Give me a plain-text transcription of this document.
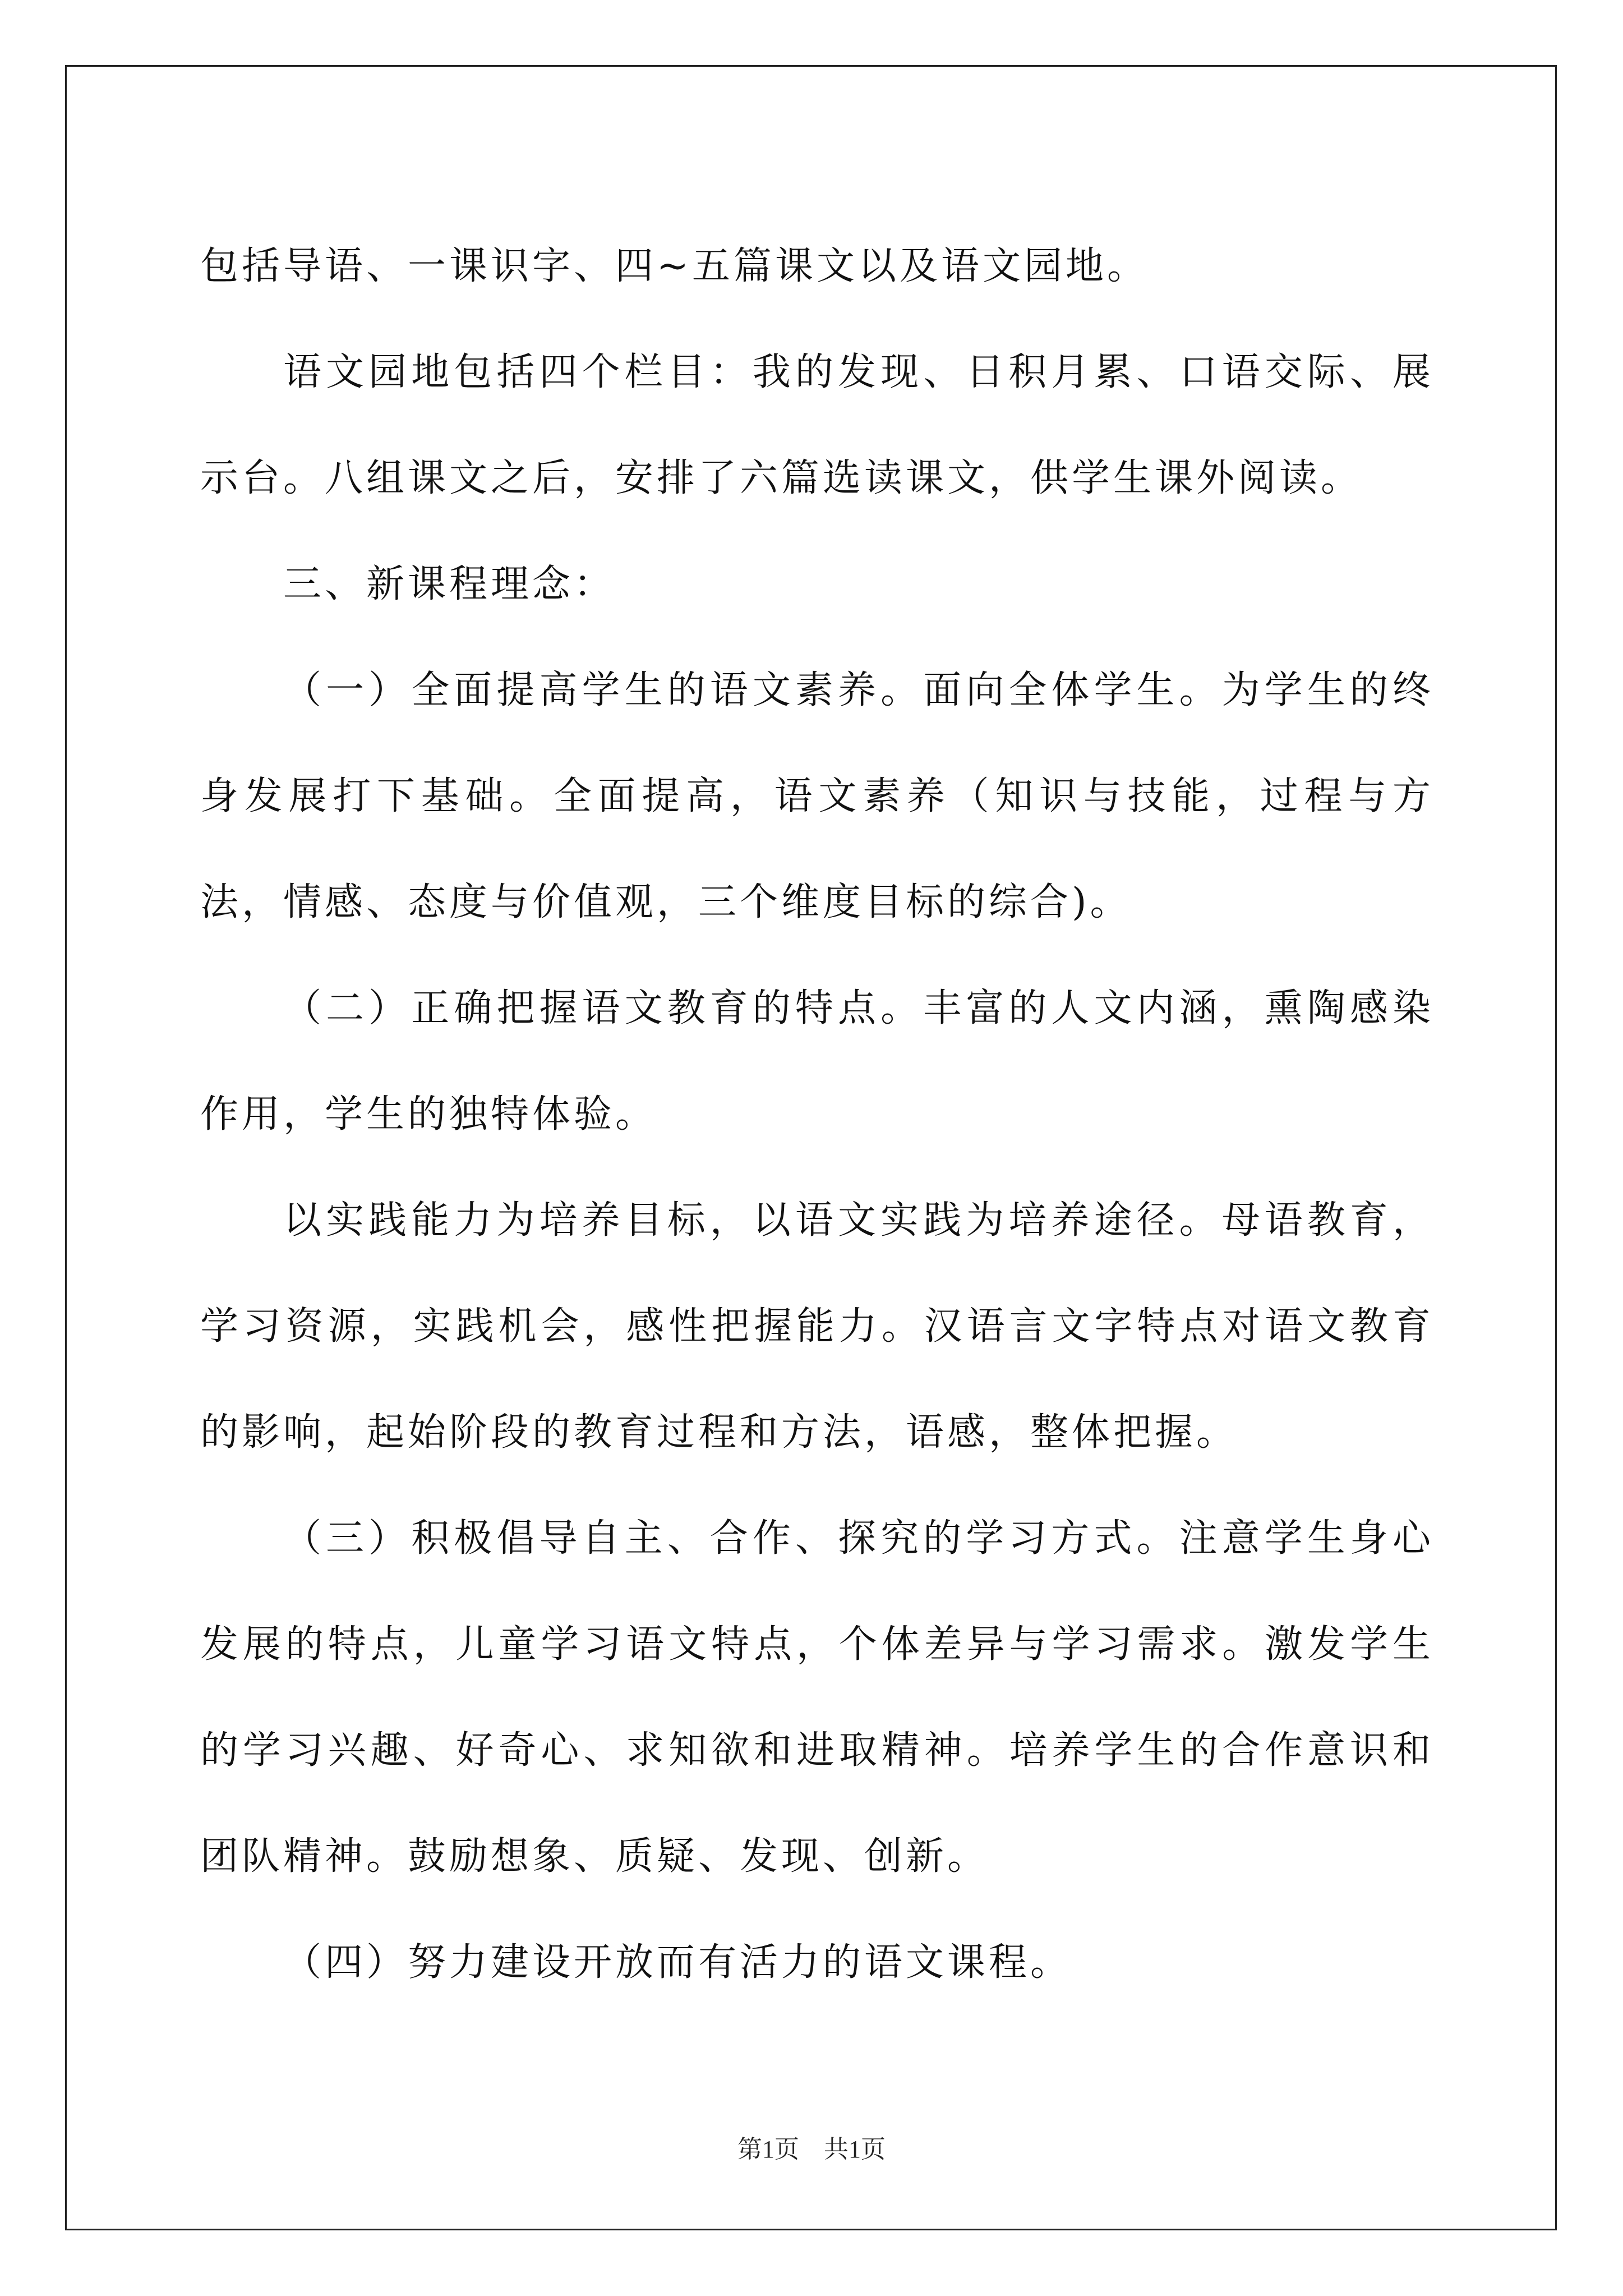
包括导语、一课识字、四~五篇课文以及语文园地。

语文园地包括四个栏目：我的发现、日积月累、口语交际、展示台。八组课文之后，安排了六篇选读课文，供学生课外阅读。

三、新课程理念：

（一）全面提高学生的语文素养。面向全体学生。为学生的终身发展打下基础。全面提高，语文素养（知识与技能，过程与方法，情感、态度与价值观，三个维度目标的综合)。

（二）正确把握语文教育的特点。丰富的人文内涵，熏陶感染作用，学生的独特体验。

以实践能力为培养目标，以语文实践为培养途径。母语教育，学习资源，实践机会，感性把握能力。汉语言文字特点对语文教育的影响，起始阶段的教育过程和方法，语感，整体把握。

（三）积极倡导自主、合作、探究的学习方式。注意学生身心发展的特点，儿童学习语文特点，个体差异与学习需求。激发学生的学习兴趣、好奇心、求知欲和进取精神。培养学生的合作意识和团队精神。鼓励想象、质疑、发现、创新。

（四）努力建设开放而有活力的语文课程。

第1页　共1页
